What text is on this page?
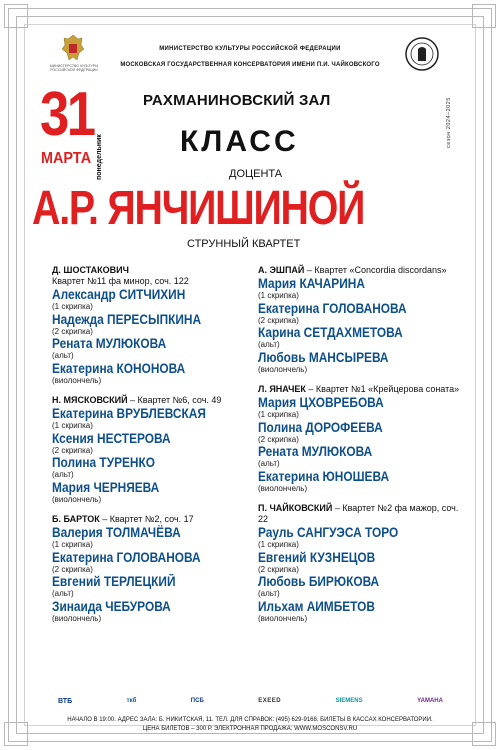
МИНИСТЕРСТВО КУЛЬТУРЫ РОССИЙСКОЙ ФЕДЕРАЦИИ
МИНИСТЕРСТВО КУЛЬТУРЫ РОССИЙСКОЙ ФЕДЕРАЦИИ
МОСКОВСКАЯ ГОСУДАРСТВЕННАЯ КОНСЕРВАТОРИЯ ИМЕНИ П.И. ЧАЙКОВСКОГО
сезон 2024–2025
31
понедельник
МАРТА
РАХМАНИНОВСКИЙ ЗАЛ
КЛАСС
ДОЦЕНТА
А.Р. ЯНЧИШИНОЙ
СТРУННЫЙ КВАРТЕТ
Д. ШОСТАКОВИЧ
Квартет №11 фа минор, соч. 122
Александр СИТЧИХИН
(1 скрипка)
Надежда ПЕРЕСЫПКИНА
(2 скрипка)
Рената МУЛЮКОВА
(альт)
Екатерина КОНОНОВА
(виолончель)
Н. МЯСКОВСКИЙ – Квартет №6, соч. 49
Екатерина ВРУБЛЕВСКАЯ
(1 скрипка)
Ксения НЕСТЕРОВА
(2 скрипка)
Полина ТУРЕНКО
(альт)
Мария ЧЕРНЯЕВА
(виолончель)
Б. БАРТОК – Квартет №2, соч. 17
Валерия ТОЛМАЧЁВА
(1 скрипка)
Екатерина ГОЛОВАНОВА
(2 скрипка)
Евгений ТЕРЛЕЦКИЙ
(альт)
Зинаида ЧЕБУРОВА
(виолончель)
А. ЭШПАЙ – Квартет «Concordia discordans»
Мария КАЧАРИНА
(1 скрипка)
Екатерина ГОЛОВАНОВА
(2 скрипка)
Карина СЕТДАХМЕТОВА
(альт)
Любовь МАНСЫРЕВА
(виолончель)
Л. ЯНАЧЕК – Квартет №1 «Крейцерова соната»
Мария ЦХОВРЕБОВА
(1 скрипка)
Полина ДОРОФЕЕВА
(2 скрипка)
Рената МУЛЮКОВА
(альт)
Екатерина ЮНОШЕВА
(виолончель)
П. ЧАЙКОВСКИЙ – Квартет №2 фа мажор, соч. 22
Рауль САНГУЭСА ТОРО
(1 скрипка)
Евгений КУЗНЕЦОВ
(2 скрипка)
Любовь БИРЮКОВА
(альт)
Ильхам АИМБЕТОВ
(виолончель)
ВТБ	ткб	ПСБ	EXEED	SIEMENS	YAMAHA
НАЧАЛО В 19:00. АДРЕС ЗАЛА: Б. НИКИТСКАЯ, 11. ТЕЛ. ДЛЯ СПРАВОК: (495) 629-9168. БИЛЕТЫ В КАССАХ КОНСЕРВАТОРИИ.
ЦЕНА БИЛЕТОВ – 300 Р. ЭЛЕКТРОННАЯ ПРОДАЖА: WWW.MOSCONSV.RU
